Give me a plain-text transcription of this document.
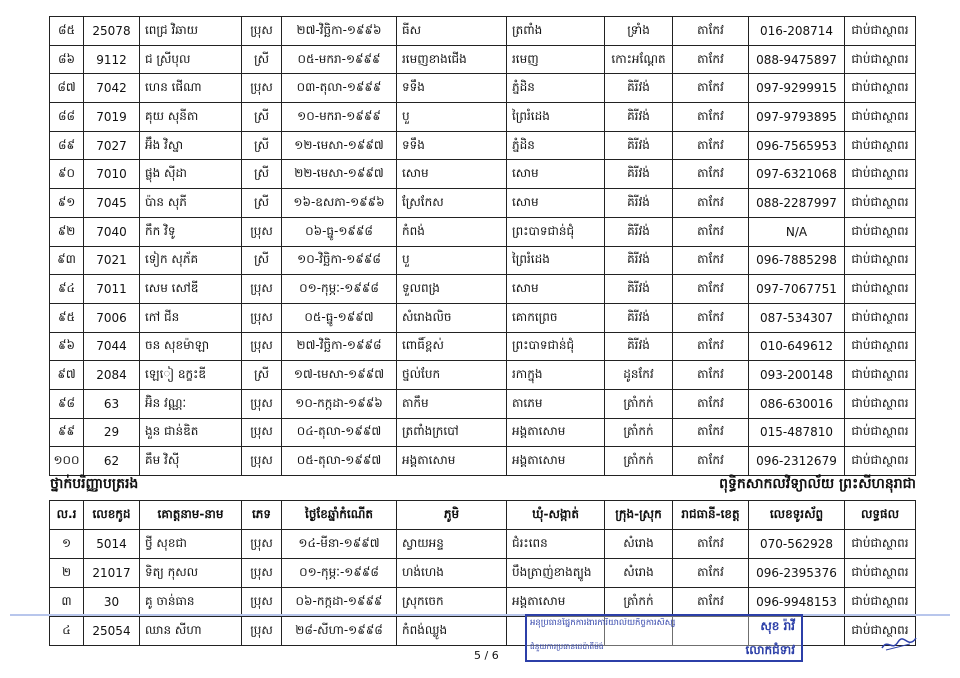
៨៥	25078	ពេជ្រ វិឆាយ	ប្រុស	២៧-វិច្ឆិកា-១៩៩៦	ធីស	ត្រពាំង	ទ្រាំង	តាកែវ	016-208714	ជាប់ជាស្ថាពរ
៨៦	9112	ជ ស្រីបុល	ស្រី	០៥-មករា-១៩៩៩	រមេញខាងជើង	រមេញ	កោះអណ្តែត	តាកែវ	088-9475897	ជាប់ជាស្ថាពរ
៨៧	7042	ហេន ផើណា	ប្រុស	០៣-តុលា-១៩៩៩	ទទឹង	ភ្នំដិន	គិរីវង់	តាកែវ	097-9299915	ជាប់ជាស្ថាពរ
៨៨	7019	គុយ សុនីតា	ស្រី	១០-មករា-១៩៩៩	បួ	ព្រៃរំដេង	គិរីវង់	តាកែវ	097-9793895	ជាប់ជាស្ថាពរ
៨៩	7027	អ៊ឹង វិស្នា	ស្រី	១២-មេសា-១៩៩៧	ទទឹង	ភ្នំដិន	គិរីវង់	តាកែវ	096-7565953	ជាប់ជាស្ថាពរ
៩០	7010	ផ្លុង ស៊ីដា	ស្រី	២២-មេសា-១៩៩៧	សោម	សោម	គិរីវង់	តាកែវ	097-6321068	ជាប់ជាស្ថាពរ
៩១	7045	ប៉ាន សុភី	ស្រី	១៦-ឧសភា-១៩៩៦	ស្រែកែស	សោម	គិរីវង់	តាកែវ	088-2287997	ជាប់ជាស្ថាពរ
៩២	7040	កឹក វិទូ	ប្រុស	០៦-ធ្នូ-១៩៩៨	កំពង់	ព្រះបាទជាន់ជុំ	គិរីវង់	តាកែវ	N/A	ជាប់ជាស្ថាពរ
៩៣	7021	ទៀក សុភ័គ	ស្រី	១០-វិច្ឆិកា-១៩៩៨	បួ	ព្រៃរំដេង	គិរីវង់	តាកែវ	096-7885298	ជាប់ជាស្ថាពរ
៩៤	7011	សេម សៅឌី	ប្រុស	០១-កុម្ភៈ-១៩៩៨	ទួលពង្រ	សោម	គិរីវង់	តាកែវ	097-7067751	ជាប់ជាស្ថាពរ
៩៥	7006	កៅ ជីន	ប្រុស	០៥-ធ្នូ-១៩៩៧	សំរោងលិច	គោកព្រេច	គិរីវង់	តាកែវ	087-534307	ជាប់ជាស្ថាពរ
៩៦	7044	ចន សុខម៉ាឡា	ប្រុស	២៧-វិច្ឆិកា-១៩៩៨	ពោធិ៍ខ្ពស់	ព្រះបាទជាន់ជុំ	គិរីវង់	តាកែវ	010-649612	ជាប់ជាស្ថាពរ
៩៧	2084	ឡេៀ ឧក្ខះឌី	ស្រី	១៧-មេសា-១៩៩៧	ថ្នល់បែក	រកាក្នុង	ដូនកែវ	តាកែវ	093-200148	ជាប់ជាស្ថាពរ
៩៨	63	អ៊ិន វណ្ណៈ	ប្រុស	១០-កក្កដា-១៩៩៦	តាកឹម	តាភេម	ត្រាំកក់	តាកែវ	086-630016	ជាប់ជាស្ថាពរ
៩៩	29	ងួន ជាន់ឌិត	ប្រុស	០៤-តុលា-១៩៩៧	ត្រពាំងក្របៅ	អង្គតាសោម	ត្រាំកក់	តាកែវ	015-487810	ជាប់ជាស្ថាពរ
១០០	62	គឹម វិស៊ី	ប្រុស	០៥-តុលា-១៩៩៧	អង្គតាសោម	អង្គតាសោម	ត្រាំកក់	តាកែវ	096-2312679	ជាប់ជាស្ថាពរ
ថ្នាក់បរិញ្ញាបត្ររង	ពុទ្ធិកសាកលវិទ្យាល័យ ព្រះសីហនុរាជា
ល.រ	លេខកូដ	គោត្តនាម-នាម	ភេទ	ថ្ងៃខែឆ្នាំកំណើត	ភូមិ	ឃុំ-សង្កាត់	ក្រុង-ស្រុក	រាជធានី-ខេត្ត	លេខទូរស័ព្ទ	លទ្ធផល
១	5014	ថ្វី សុខជា	ប្រុស	១៤-មីនា-១៩៩៧	ស្វាយអន្ទ	ជំរះពេន	សំរោង	តាកែវ	070-562928	ជាប់ជាស្ថាពរ
២	21017	ទិត្យ កុសល	ប្រុស	០១-កុម្ភៈ-១៩៩៨	ហង់ហេង	បឹងត្រាញ់ខាងត្បូង	សំរោង	តាកែវ	096-2395376	ជាប់ជាស្ថាពរ
៣	30	គូ ចាន់ធាន	ប្រុស	០៦-កក្កដា-១៩៩៩	ស្រុកចេក	អង្គតាសោម	ត្រាំកក់	តាកែវ	096-9948153	ជាប់ជាស្ថាពរ
៤	25054	ឈាន សីហា	ប្រុស	២៨-សីហា-១៩៩៨	កំពង់ឈ្លូង					ជាប់ជាស្ថាពរ
អនុប្រធានផ្នែកការងារការិយាល័យកិច្ចការសិស្ស	សុខ រ៉ាវី
ជំនួយការប្រធានដេប៉ាតឺម៉ង់	លោកជំទាវ
5 / 6
